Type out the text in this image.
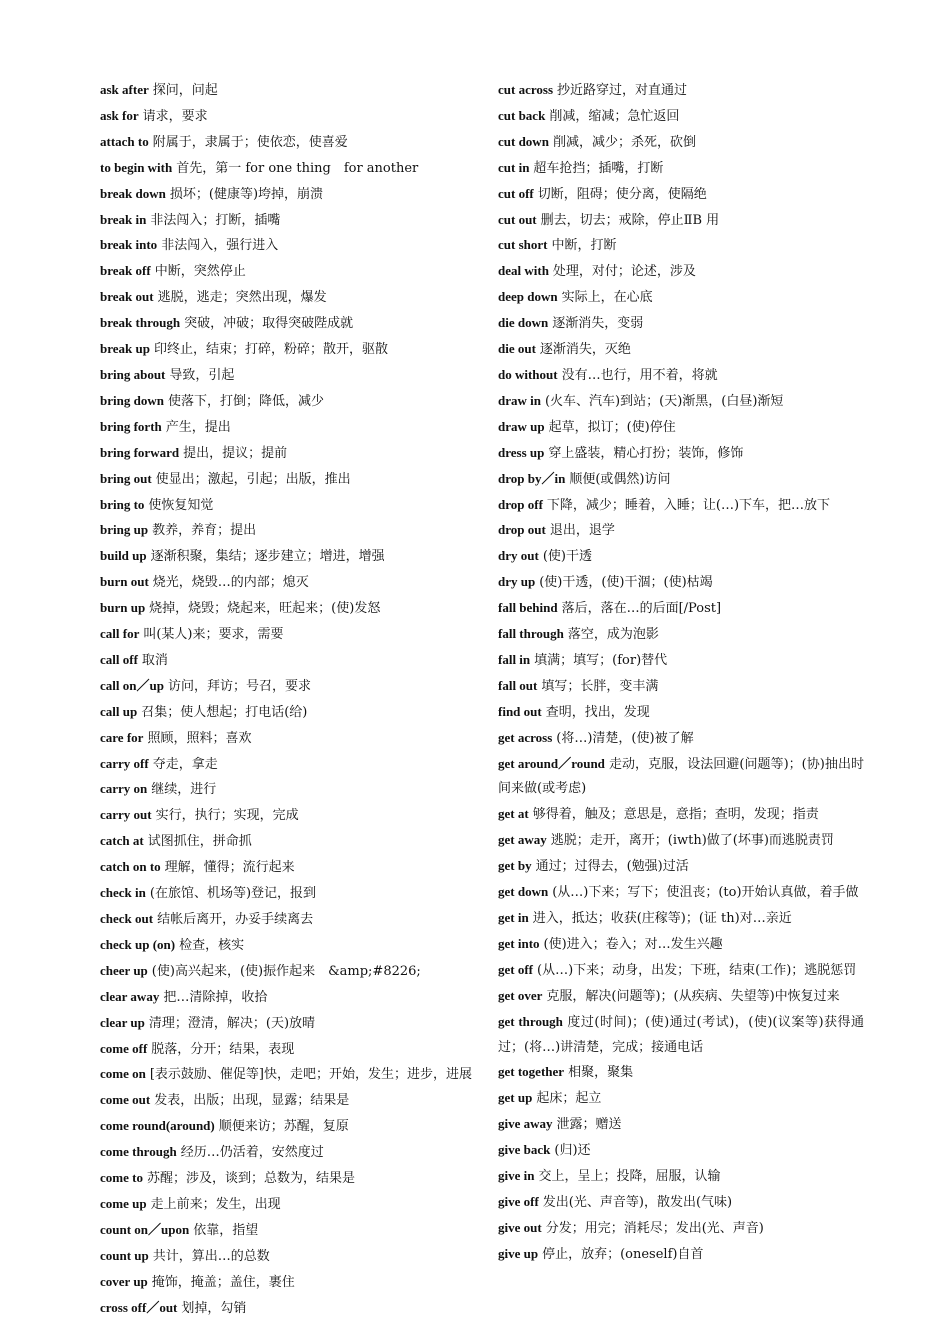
ask after 探问，问起
ask for 请求，要求
attach to 附属于，隶属于；使依恋，使喜爱
to begin with 首先，第一 for one thing　for another
break down 损坏；(健康等)垮掉，崩溃
break in 非法闯入；打断，插嘴
break into 非法闯入，强行进入
break off 中断，突然停止
break out 逃脱，逃走；突然出现，爆发
break through 突破，冲破；取得突破陛成就
break up 印终止，结束；打碎，粉碎；散开，驱散
bring about 导致，引起
bring down 使落下，打倒；降低，减少
bring forth 产生，提出
bring forward 提出，提议；提前
bring out 使显出；激起，引起；出版，推出
bring to 使恢复知觉
bring up 教养，养育；提出
build up 逐渐积聚，集结；逐步建立；增进，增强
burn out 烧光，烧毁…的内部；熄灭
burn up 烧掉，烧毁；烧起来，旺起来；(使)发怒
call for 叫(某人)来；要求，需要
call off 取消
call on／up 访问，拜访；号召，要求
call up 召集；使人想起；打电话(给)
care for 照顾，照料；喜欢
carry off 夺走，拿走
carry on 继续，进行
carry out 实行，执行；实现，完成
catch at 试图抓住，拼命抓
catch on to 理解，懂得；流行起来
check in (在旅馆、机场等)登记，报到
check out 结帐后离开，办妥手续离去
check up (on) 检查，核实
cheer up (使)高兴起来，(使)振作起来　&amp;#8226;
clear away 把…清除掉，收拾
clear up 清理；澄清，解决；(天)放晴
come off 脱落，分开；结果，表现
come on [表示鼓励、催促等]快，走吧；开始，发生；进步，进展
come out 发表，出版；出现，显露；结果是
come round(around) 顺便来访；苏醒，复原
come through 经历…仍活着，安然度过
come to 苏醒；涉及，谈到；总数为，结果是
come up 走上前来；发生，出现
count on／upon 依靠，指望
count up 共计，算出…的总数
cover up 掩饰，掩盖；盖住，裹住
cross off／out 划掉，勾销
cut across 抄近路穿过，对直通过
cut back 削减，缩减；急忙返回
cut down 削减，减少；杀死，砍倒
cut in 超车抢挡；插嘴，打断
cut off 切断，阻碍；使分离，使隔绝
cut out 删去，切去；戒除，停止ⅡB 用
cut short 中断，打断
deal with 处理，对付；论述，涉及
deep down 实际上，在心底
die down 逐渐消失，变弱
die out 逐渐消失，灭绝
do without 没有…也行，用不着，将就
draw in (火车、汽车)到站；(天)渐黑，(白昼)渐短
draw up 起草，拟订；(使)停住
dress up 穿上盛装，精心打扮；装饰，修饰
drop by／in 顺便(或偶然)访问
drop off 下降，减少；睡着，入睡；让(…)下车，把…放下
drop out 退出，退学
dry out (使)干透
dry up (使)干透，(使)干涸；(使)枯竭
fall behind 落后，落在…的后面[/Post]
fall through 落空，成为泡影
fall in 填满；填写；(for)替代
fall out 填写；长胖，变丰满
find out 查明，找出，发现
get across (将…)清楚，(使)被了解
get around／round 走动，克服，设法回避(问题等)；(协)抽出时间来做(或考虑)
get at 够得着，触及；意思是，意指；查明，发现；指责
get away 逃脱；走开，离开；(iwth)做了(坏事)而逃脱责罚
get by 通过；过得去，(勉强)过活
get down (从…)下来；写下；使沮丧；(to)开始认真做，着手做
get in 进入，抵达；收获(庄稼等)；(证 th)对…亲近
get into (使)进入；卷入；对…发生兴趣
get off (从…)下来；动身，出发；下班，结束(工作)；逃脱惩罚
get over 克服，解决(问题等)；(从疾病、失望等)中恢复过来
get through 度过(时间)；(使)通过(考试)，(使)(议案等)获得通过；(将…)讲清楚，完成；接通电话
get together 相聚，聚集
get up 起床；起立
give away 泄露；赠送
give back (归)还
give in 交上，呈上；投降，屈服，认输
give off 发出(光、声音等)，散发出(气味)
give out 分发；用完；消耗尽；发出(光、声音)
give up 停止，放弃；(oneself)自首
